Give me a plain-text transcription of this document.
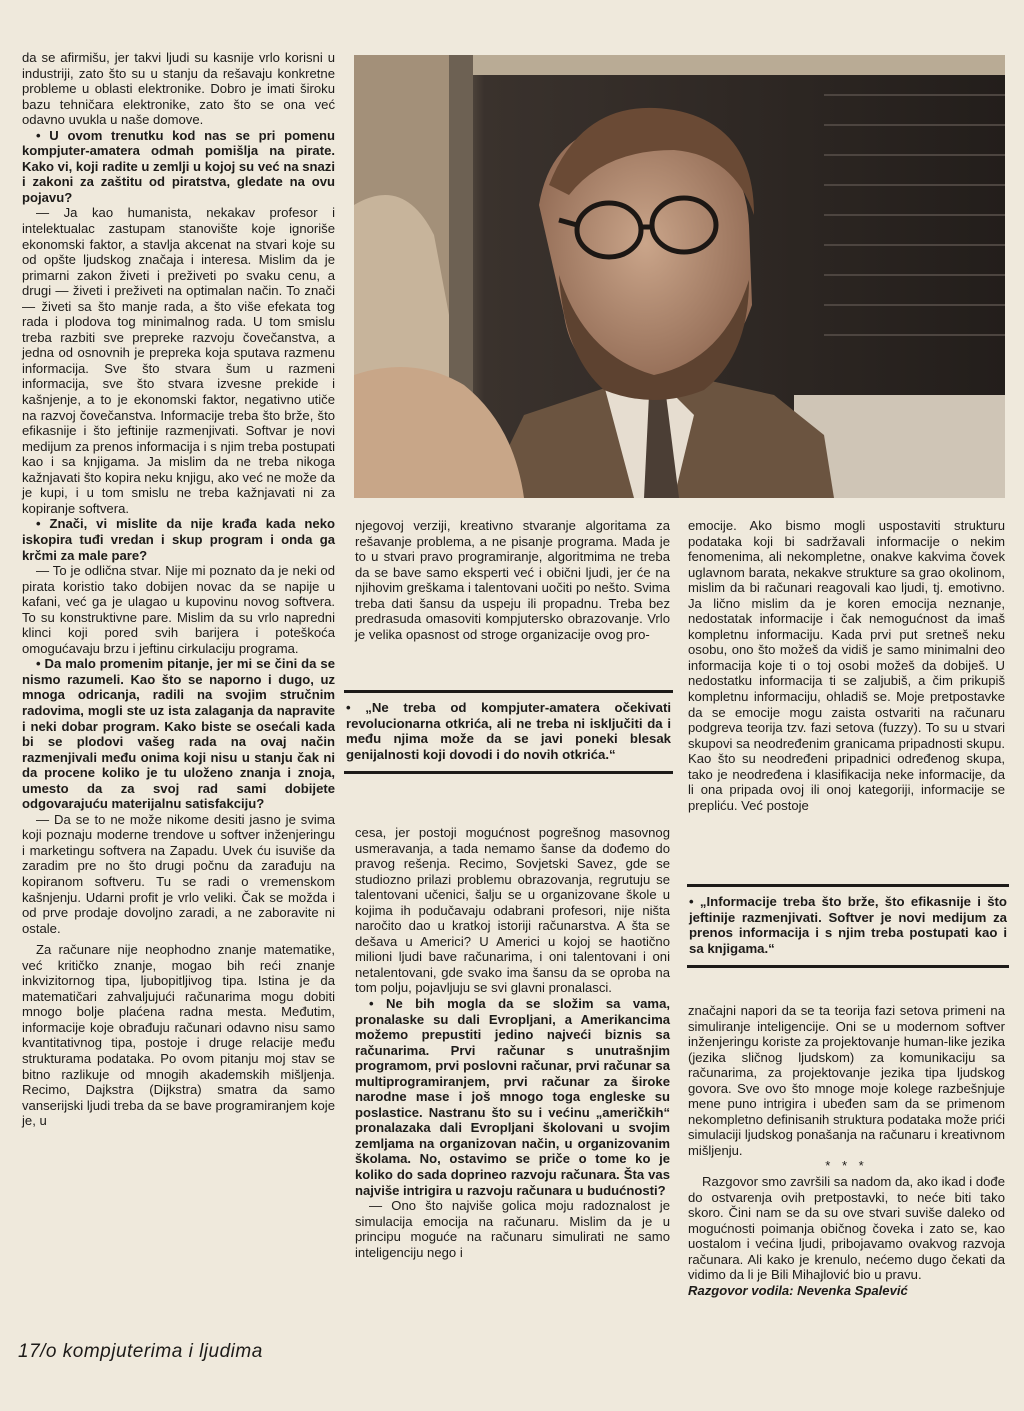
da se afirmišu, jer takvi ljudi su kasnije vrlo korisni u industriji, zato što su u stanju da rešavaju konkretne probleme u oblasti elektronike. Dobro je imati široku bazu tehničara elektronike, zato što se ona već odavno uvukla u naše domove.

• U ovom trenutku kod nas se pri pomenu kompjuter-amatera odmah pomišlja na pirate. Kako vi, koji radite u zemlji u kojoj su već na snazi i zakoni za zaštitu od piratstva, gledate na ovu pojavu?

— Ja kao humanista, nekakav profesor i intelektualac zastupam stanovište koje ignoriše ekonomski faktor, a stavlja akcenat na stvari koje su od opšte ljudskog značaja i interesa. Mislim da je primarni zakon živeti i preživeti po svaku cenu, a drugi — živeti i preživeti na optimalan način. To znači — živeti sa što manje rada, a što više efekata tog rada i plodova tog minimalnog rada. U tom smislu treba razbiti sve prepreke razvoju čovečanstva, a jedna od osnovnih je prepreka koja sputava razmenu informacija. Sve što stvara šum u razmeni informacija, sve što stvara izvesne prekide i kašnjenje, a to je ekonomski faktor, negativno utiče na razvoj čovečanstva. Informacije treba što brže, što efikasnije i što jeftinije razmenjivati. Softvar je novi medijum za prenos informacija i s njim treba postupati kao i sa knjigama. Ja mislim da ne treba nikoga kažnjavati što kopira neku knjigu, ako već ne može da je kupi, i u tom smislu ne treba kažnjavati ni za kopiranje softvera.

• Znači, vi mislite da nije krađa kada neko iskopira tuđi vredan i skup program i onda ga krčmi za male pare?

— To je odlična stvar. Nije mi poznato da je neki od pirata koristio tako dobijen novac da se napije u kafani, već ga je ulagao u kupovinu novog softvera. To su konstruktivne pare. Mislim da su vrlo napredni klinci koji pored svih barijera i poteškoća omogućavaju brzu i jeftinu cirkulaciju programa.

• Da malo promenim pitanje, jer mi se čini da se nismo razumeli. Kao što se naporno i dugo, uz mnoga odricanja, radili na svojim stručnim radovima, mogli ste uz ista zalaganja da napravite i neki dobar program. Kako biste se osećali kada bi se plodovi vašeg rada na ovaj način razmenjivali među onima koji nisu u stanju čak ni da procene koliko je tu uloženo znanja i znoja, umesto da za svoj rad sami dobijete odgovarajuću materijalnu satisfakciju?

— Da se to ne može nikome desiti jasno je svima koji poznaju moderne trendove u softver inženjeringu i marketingu softvera na Zapadu. Uvek ću isuviše da zaradim pre no što drugi počnu da zarađuju na kopiranom softveru. Tu se radi o vremenskom kašnjenju. Udarni profit je vrlo veliki. Čak se možda i od prve prodaje dovoljno zaradi, a ne zaboravite ni ostale.

Za računare nije neophodno znanje matematike, već kritičko znanje, mogao bih reći znanje inkvizitornog tipa, ljubopitljivog tipa. Istina je da matematičari zahvaljujući računarima mogu dobiti mnogo bolje plaćena radna mesta. Međutim, informacije koje obrađuju računari odavno nisu samo kvantitativnog tipa, postoje i druge relacije među strukturama podataka. Po ovom pitanju moj stav se bitno razlikuje od mnogih akademskih mišljenja. Recimo, Dajkstra (Dijkstra) smatra da samo vanserijski ljudi treba da se bave programiranjem koje je, u

njegovoj verziji, kreativno stvaranje algoritama za rešavanje problema, a ne pisanje programa. Mada je to u stvari pravo programiranje, algoritmima ne treba da se bave samo eksperti već i obični ljudi, jer će na njihovim greškama i talentovani uočiti po nešto. Svima treba dati šansu da uspeju ili propadnu. Treba bez predrasuda omasoviti kompjutersko obrazovanje. Vrlo je velika opasnost od stroge organizacije ovog pro-

• „Ne treba od kompjuter-amatera očekivati revolucionarna otkrića, ali ne treba ni isključiti da i među njima može da se javi poneki blesak genijalnosti koji dovodi i do novih otkrića.“

cesa, jer postoji mogućnost pogrešnog masovnog usmeravanja, a tada nemamo šanse da dođemo do pravog rešenja. Recimo, Sovjetski Savez, gde se studiozno prilazi problemu obrazovanja, regrutuju se talentovani učenici, šalju se u organizovane škole u kojima ih podučavaju odabrani profesori, nije ništa naročito dao u kratkoj istoriji računarstva. A šta se dešava u Americi? U Americi u kojoj se haotično milioni ljudi bave računarima, i oni talentovani i oni netalentovani, gde svako ima šansu da se oproba na tom polju, pojavljuju se svi glavni pronalasci.

• Ne bih mogla da se složim sa vama, pronalaske su dali Evropljani, a Amerikancima možemo prepustiti jedino najveći biznis sa računarima. Prvi računar s unutrašnjim programom, prvi poslovni računar, prvi računar sa multiprogramiranjem, prvi računar za široke narodne mase i još mnogo toga engleske su poslastice. Nastranu što su i većinu „američkih“ pronalazaka dali Evropljani školovani u svojim zemljama na organizovan način, u organizovanim školama. No, ostavimo se priče o tome ko je koliko do sada doprineo razvoju računara. Šta vas najviše intrigira u razvoju računara u budućnosti?

— Ono što najviše golica moju radoznalost je simulacija emocija na računaru. Mislim da je u principu moguće na računaru simulirati ne samo inteligenciju nego i

emocije. Ako bismo mogli uspostaviti strukturu podataka koji bi sadržavali informacije o nekim fenomenima, ali nekompletne, onakve kakvima čovek uglavnom barata, nekakve strukture sa grao okolinom, mislim da bi računari reagovali kao ljudi, tj. emotivno. Ja lično mislim da je koren emocija neznanje, nedostatak informacije i čak nemogućnost da imaš kompletnu informaciju. Kada prvi put sretneš neku osobu, ono što možeš da vidiš je samo minimalni deo informacija koje ti o toj osobi možeš da dobiješ. U nedostatku informacija ti se zaljubiš, a čim prikupiš kompletnu informaciju, ohladiš se. Moje pretpostavke da se emocije mogu zaista ostvariti na računaru podgreva teorija tzv. fazi setova (fuzzy). To su u stvari skupovi sa neodređenim granicama pripadnosti skupu. Kao što su neodređeni pripadnici određenog skupa, tako je neodređena i klasifikacija neke informacije, da li ona pripada ovoj ili onoj kategoriji, informacije se prepliću. Već postoje

• „Informacije treba što brže, što efikasnije i što jeftinije razmenjivati. Softver je novi medijum za prenos informacija i s njim treba postupati kao i sa knjigama.“

značajni napori da se ta teorija fazi setova primeni na simuliranje inteligencije. Oni se u modernom softver inženjeringu koriste za projektovanje human-like jezika (jezika sličnog ljudskom) za komunikaciju sa računarima, za projektovanje jezika tipa ljudskog govora. Sve ovo što mnoge moje kolege razbešnjuje mene puno intrigira i ubeđen sam da se primenom nekompletno definisanih struktura podataka može prići simulaciji ljudskog ponašanja na računaru i kreativnom mišljenju.

* * *

Razgovor smo završili sa nadom da, ako ikad i dođe do ostvarenja ovih pretpostavki, to neće biti tako skoro. Čini nam se da su ove stvari suviše daleko od mogućnosti poimanja običnog čoveka i zato se, kao uostalom i većina ljudi, pribojavamo ovakvog razvoja računara. Ali kako je krenulo, nećemo dugo čekati da vidimo da li je Bili Mihajlović bio u pravu.

Razgovor vodila: Nevenka Spalević

17/o kompjuterima i ljudima
